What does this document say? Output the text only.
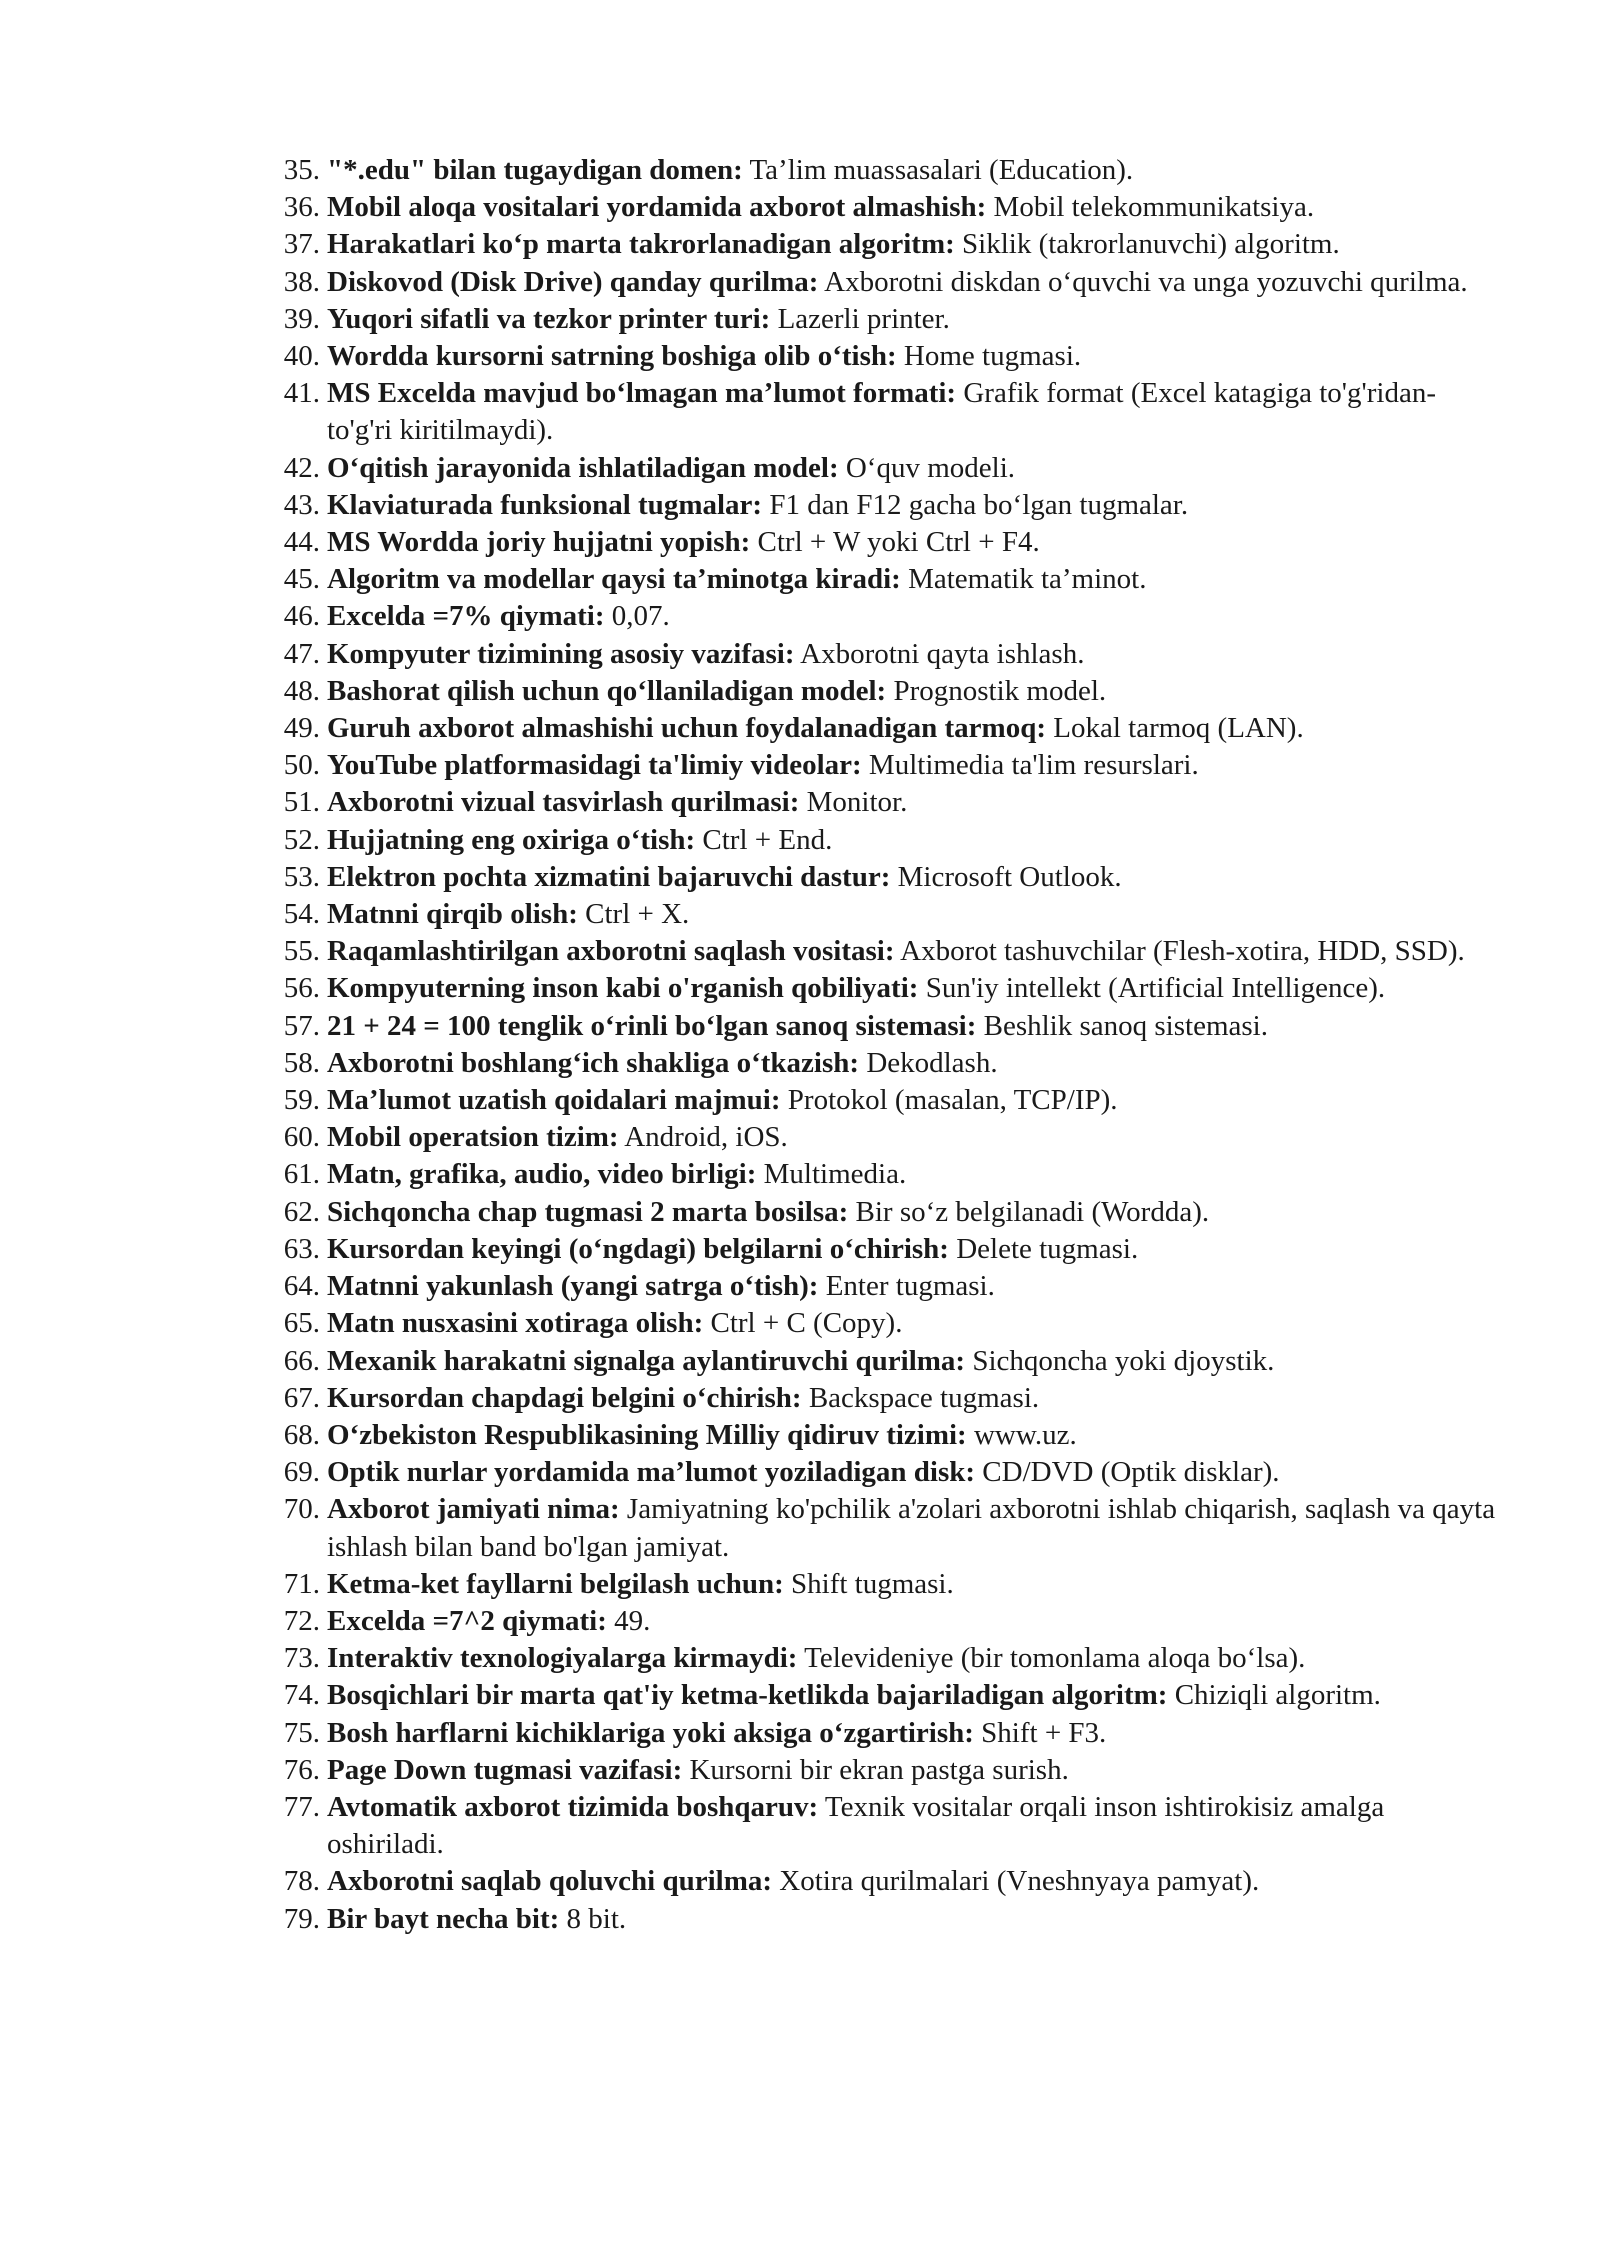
35. "*.edu" bilan tugaydigan domen: Ta’lim muassasalari (Education).
36. Mobil aloqa vositalari yordamida axborot almashish: Mobil telekommunikatsiya.
37. Harakatlari ko‘p marta takrorlanadigan algoritm: Siklik (takrorlanuvchi) algoritm.
38. Diskovod (Disk Drive) qanday qurilma: Axborotni diskdan o‘quvchi va unga yozuvchi qurilma.
39. Yuqori sifatli va tezkor printer turi: Lazerli printer.
40. Wordda kursorni satrning boshiga olib o‘tish: Home tugmasi.
41. MS Excelda mavjud bo‘lmagan ma’lumot formati: Grafik format (Excel katagiga to'g'ridan-to'g'ri kiritilmaydi).
42. O‘qitish jarayonida ishlatiladigan model: O‘quv modeli.
43. Klaviaturada funksional tugmalar: F1 dan F12 gacha bo‘lgan tugmalar.
44. MS Wordda joriy hujjatni yopish: Ctrl + W yoki Ctrl + F4.
45. Algoritm va modellar qaysi ta’minotga kiradi: Matematik ta’minot.
46. Excelda =7% qiymati: 0,07.
47. Kompyuter tizimining asosiy vazifasi: Axborotni qayta ishlash.
48. Bashorat qilish uchun qo‘llaniladigan model: Prognostik model.
49. Guruh axborot almashishi uchun foydalanadigan tarmoq: Lokal tarmoq (LAN).
50. YouTube platformasidagi ta'limiy videolar: Multimedia ta'lim resurslari.
51. Axborotni vizual tasvirlash qurilmasi: Monitor.
52. Hujjatning eng oxiriga o‘tish: Ctrl + End.
53. Elektron pochta xizmatini bajaruvchi dastur: Microsoft Outlook.
54. Matnni qirqib olish: Ctrl + X.
55. Raqamlashtirilgan axborotni saqlash vositasi: Axborot tashuvchilar (Flesh-xotira, HDD, SSD).
56. Kompyuterning inson kabi o'rganish qobiliyati: Sun'iy intellekt (Artificial Intelligence).
57. 21 + 24 = 100 tenglik o‘rinli bo‘lgan sanoq sistemasi: Beshlik sanoq sistemasi.
58. Axborotni boshlang‘ich shakliga o‘tkazish: Dekodlash.
59. Ma’lumot uzatish qoidalari majmui: Protokol (masalan, TCP/IP).
60. Mobil operatsion tizim: Android, iOS.
61. Matn, grafika, audio, video birligi: Multimedia.
62. Sichqoncha chap tugmasi 2 marta bosilsa: Bir so‘z belgilanadi (Wordda).
63. Kursordan keyingi (o‘ngdagi) belgilarni o‘chirish: Delete tugmasi.
64. Matnni yakunlash (yangi satrga o‘tish): Enter tugmasi.
65. Matn nusxasini xotiraga olish: Ctrl + C (Copy).
66. Mexanik harakatni signalga aylantiruvchi qurilma: Sichqoncha yoki djoystik.
67. Kursordan chapdagi belgini o‘chirish: Backspace tugmasi.
68. O‘zbekiston Respublikasining Milliy qidiruv tizimi: www.uz.
69. Optik nurlar yordamida ma’lumot yoziladigan disk: CD/DVD (Optik disklar).
70. Axborot jamiyati nima: Jamiyatning ko'pchilik a'zolari axborotni ishlab chiqarish, saqlash va qayta ishlash bilan band bo'lgan jamiyat.
71. Ketma-ket fayllarni belgilash uchun: Shift tugmasi.
72. Excelda =7^2 qiymati: 49.
73. Interaktiv texnologiyalarga kirmaydi: Televideniye (bir tomonlama aloqa bo‘lsa).
74. Bosqichlari bir marta qat'iy ketma-ketlikda bajariladigan algoritm: Chiziqli algoritm.
75. Bosh harflarni kichiklariga yoki aksiga o‘zgartirish: Shift + F3.
76. Page Down tugmasi vazifasi: Kursorni bir ekran pastga surish.
77. Avtomatik axborot tizimida boshqaruv: Texnik vositalar orqali inson ishtirokisiz amalga oshiriladi.
78. Axborotni saqlab qoluvchi qurilma: Xotira qurilmalari (Vneshnyaya pamyat).
79. Bir bayt necha bit: 8 bit.
